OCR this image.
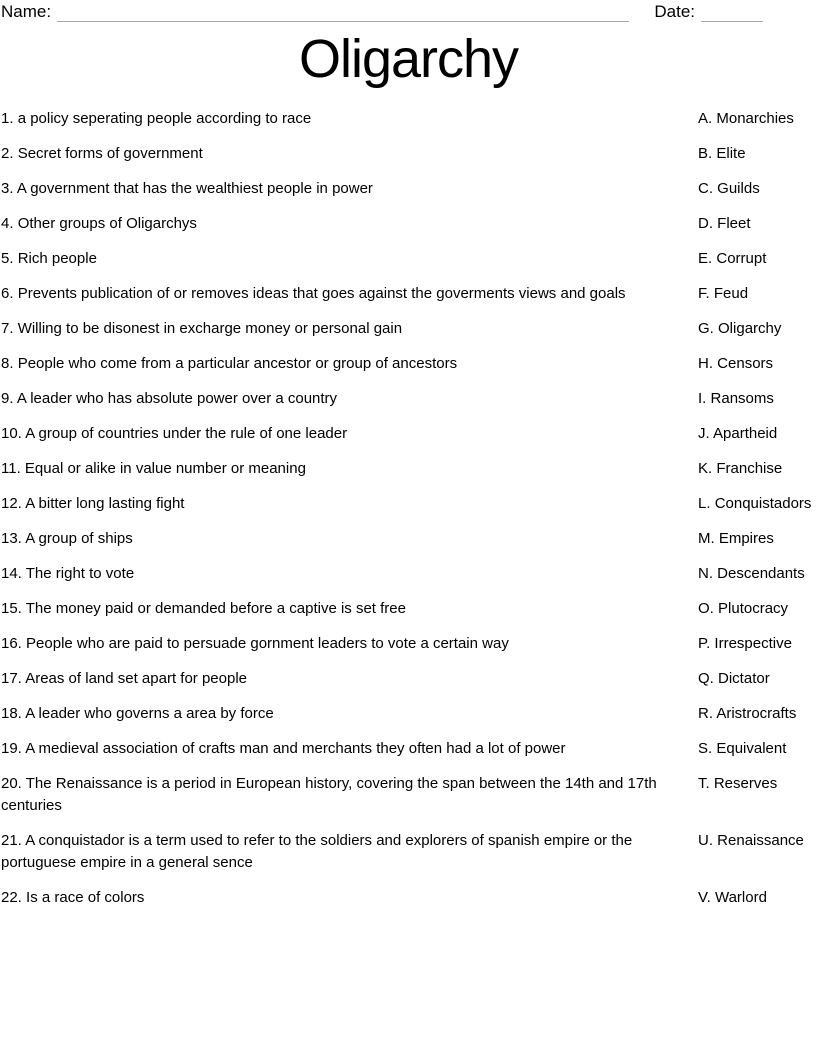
Name:	Date:
Oligarchy
1. a policy seperating people according to race	A. Monarchies
2. Secret forms of government	B. Elite
3. A government that has the wealthiest people in power	C. Guilds
4. Other groups of Oligarchys	D. Fleet
5. Rich people	E. Corrupt
6. Prevents publication of or removes ideas that goes against the goverments views and goals	F. Feud
7. Willing to be disonest in excharge money or personal gain	G. Oligarchy
8. People who come from a particular ancestor or group of ancestors	H. Censors
9. A leader who has absolute power over a country	I. Ransoms
10. A group of countries under the rule of one leader	J. Apartheid
11. Equal or alike in value number or meaning	K. Franchise
12. A bitter long lasting fight	L. Conquistadors
13. A group of ships	M. Empires
14. The right to vote	N. Descendants
15. The money paid or demanded before a captive is set free	O. Plutocracy
16. People who are paid to persuade gornment leaders to vote a certain way	P. Irrespective
17. Areas of land set apart for people	Q. Dictator
18. A leader who governs a area by force	R. Aristrocrafts
19. A medieval association of crafts man and merchants they often had a lot of power	S. Equivalent
20. The Renaissance is a period in European history, covering the span between the 14th and 17th centuries
T. Reserves
21. A conquistador is a term used to refer to the soldiers and explorers of spanish empire or the portuguese empire in a general sence
U. Renaissance
22. Is a race of colors	V. Warlord
